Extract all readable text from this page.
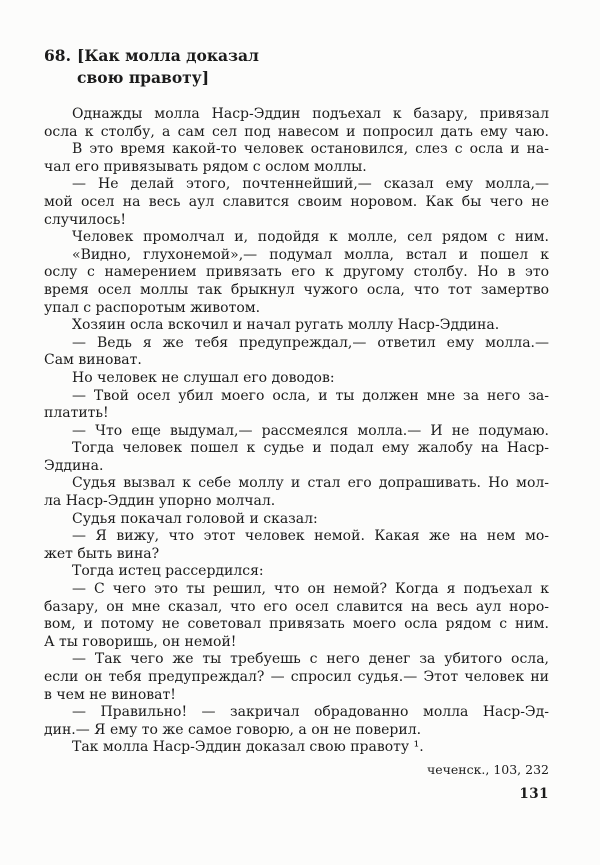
68. [Как молла доказал
свою правоту]
Однажды молла Наср-Эддин подъехал к базару, привязал
осла к столбу, а сам сел под навесом и попросил дать ему чаю.
В это время какой-то человек остановился, слез с осла и на-
чал его привязывать рядом с ослом моллы.
— Не делай этого, почтеннейший,— сказал ему молла,—
мой осел на весь аул славится своим норовом. Как бы чего не
случилось!
Человек промолчал и, подойдя к молле, сел рядом с ним.
«Видно, глухонемой»,— подумал молла, встал и пошел к
ослу с намерением привязать его к другому столбу. Но в это
время осел моллы так брыкнул чужого осла, что тот замертво
упал с распоротым животом.
Хозяин осла вскочил и начал ругать моллу Наср-Эддина.
— Ведь я же тебя предупреждал,— ответил ему молла.—
Сам виноват.
Но человек не слушал его доводов:
— Твой осел убил моего осла, и ты должен мне за него за-
платить!
— Что еще выдумал,— рассмеялся молла.— И не подумаю.
Тогда человек пошел к судье и подал ему жалобу на Наср-
Эддина.
Судья вызвал к себе моллу и стал его допрашивать. Но мол-
ла Наср-Эддин упорно молчал.
Судья покачал головой и сказал:
— Я вижу, что этот человек немой. Какая же на нем мо-
жет быть вина?
Тогда истец рассердился:
— С чего это ты решил, что он немой? Когда я подъехал к
базару, он мне сказал, что его осел славится на весь аул норо-
вом, и потому не советовал привязать моего осла рядом с ним.
А ты говоришь, он немой!
— Так чего же ты требуешь с него денег за убитого осла,
если он тебя предупреждал? — спросил судья.— Этот человек ни
в чем не виноват!
— Правильно! — закричал обрадованно молла Наср-Эд-
дин.— Я ему то же самое говорю, а он не поверил.
Так молла Наср-Эддин доказал свою правоту ¹.
чеченск., 103, 232
131
